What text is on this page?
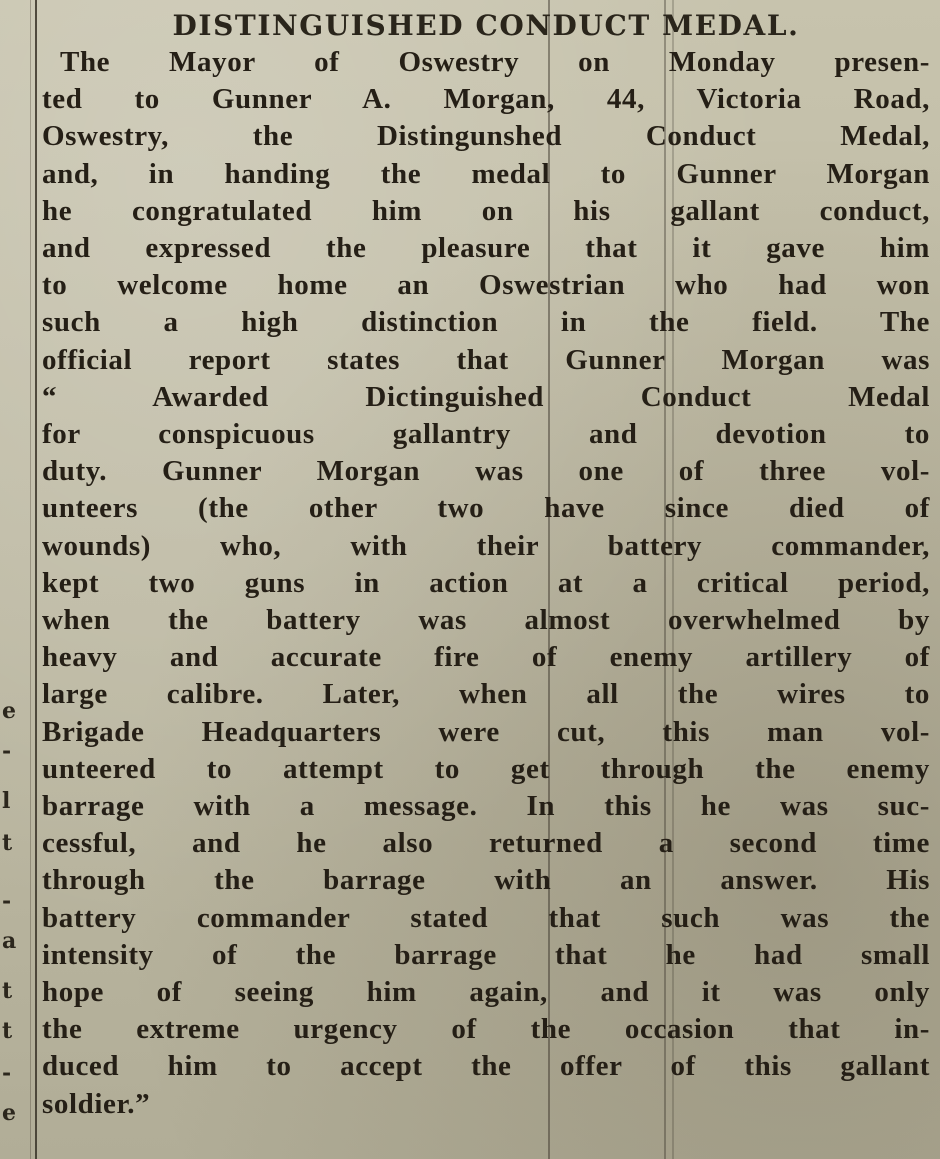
e
-
l
t
-
a
t
t
-
e
DISTINGUISHED CONDUCT MEDAL.
The Mayor of Oswestry on Monday presen-
ted to Gunner A. Morgan, 44, Victoria Road,
Oswestry, the Distingunshed Conduct Medal,
and, in handing the medal to Gunner Morgan
he congratulated him on his gallant conduct,
and expressed the pleasure that it gave him
to welcome home an Oswestrian who had won
such a high distinction in the field. The
official report states that Gunner Morgan was
“ Awarded Dictinguished Conduct Medal
for conspicuous gallantry and devotion to
duty. Gunner Morgan was one of three vol-
unteers (the other two have since died of
wounds) who, with their battery commander,
kept two guns in action at a critical period,
when the battery was almost overwhelmed by
heavy and accurate fire of enemy artillery of
large calibre. Later, when all the wires to
Brigade Headquarters were cut, this man vol-
unteered to attempt to get through the enemy
barrage with a message. In this he was suc-
cessful, and he also returned a second time
through the barrage with an answer. His
battery commander stated that such was the
intensity of the barrage that he had small
hope of seeing him again, and it was only
the extreme urgency of the occasion that in-
duced him to accept the offer of this gallant
soldier.”
